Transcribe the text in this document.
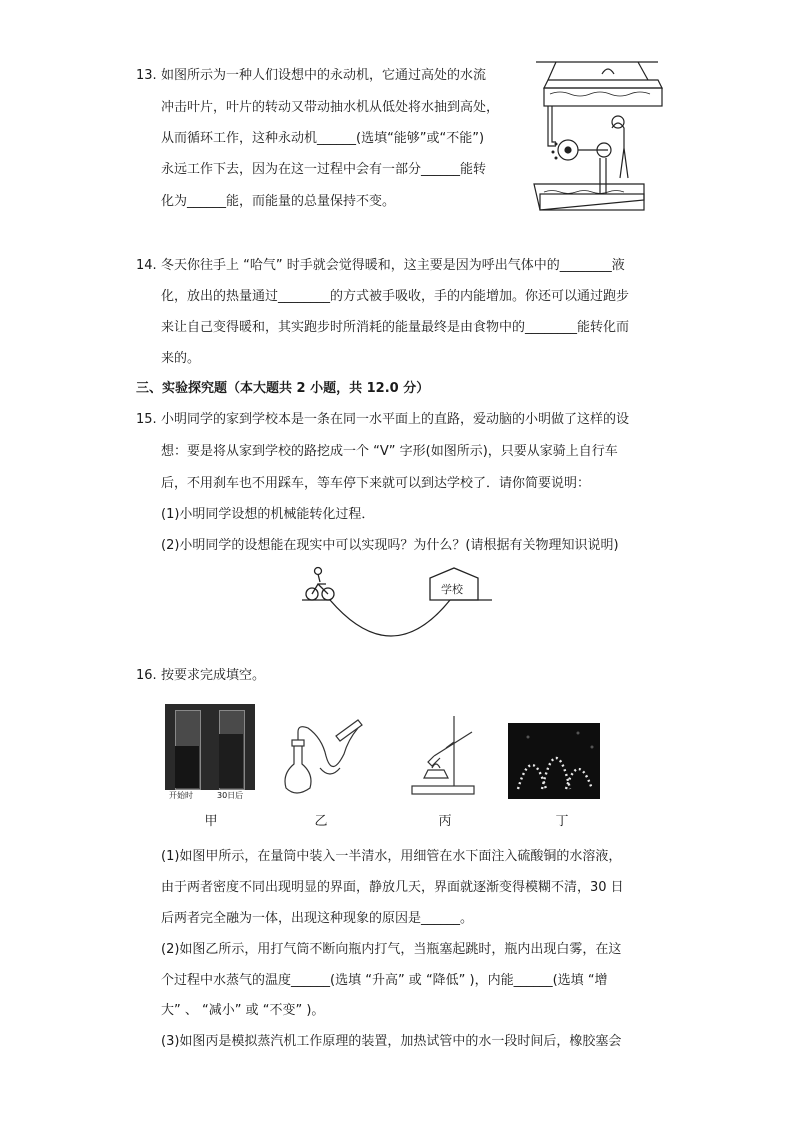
13. 如图所示为一种人们设想中的永动机，它通过高处的水流
冲击叶片，叶片的转动又带动抽水机从低处将水抽到高处，
从而循环工作，这种永动机______(选填“能够”或“不能”)
永远工作下去，因为在这一过程中会有一部分______能转
化为______能，而能量的总量保持不变。
14. 冬天你往手上 “哈气” 时手就会觉得暖和，这主要是因为呼出气体中的________液
化，放出的热量通过________的方式被手吸收，手的内能增加。你还可以通过跑步
来让自己变得暖和，其实跑步时所消耗的能量最终是由食物中的________能转化而
来的。
三、实验探究题（本大题共 2 小题，共 12.0 分）
15. 小明同学的家到学校本是一条在同一水平面上的直路，爱动脑的小明做了这样的设
想：要是将从家到学校的路挖成一个 “V” 字形(如图所示)，只要从家骑上自行车
后，不用刹车也不用踩车，等车停下来就可以到达学校了．请你简要说明：
(1)小明同学设想的机械能转化过程．
(2)小明同学的设想能在现实中可以实现吗？为什么？(请根据有关物理知识说明)
学校
16. 按要求完成填空。
开始时	30日后
甲	乙	丙	丁
(1)如图甲所示，在量筒中装入一半清水，用细管在水下面注入硫酸铜的水溶液，
由于两者密度不同出现明显的界面，静放几天，界面就逐渐变得模糊不清，30 日
后两者完全融为一体，出现这种现象的原因是______。
(2)如图乙所示，用打气筒不断向瓶内打气，当瓶塞起跳时，瓶内出现白雾，在这
个过程中水蒸气的温度______(选填 “升高” 或 “降低” )，内能______(选填 “增
大” 、 “减小” 或 “不变” )。
(3)如图丙是模拟蒸汽机工作原理的装置，加热试管中的水一段时间后，橡胶塞会
